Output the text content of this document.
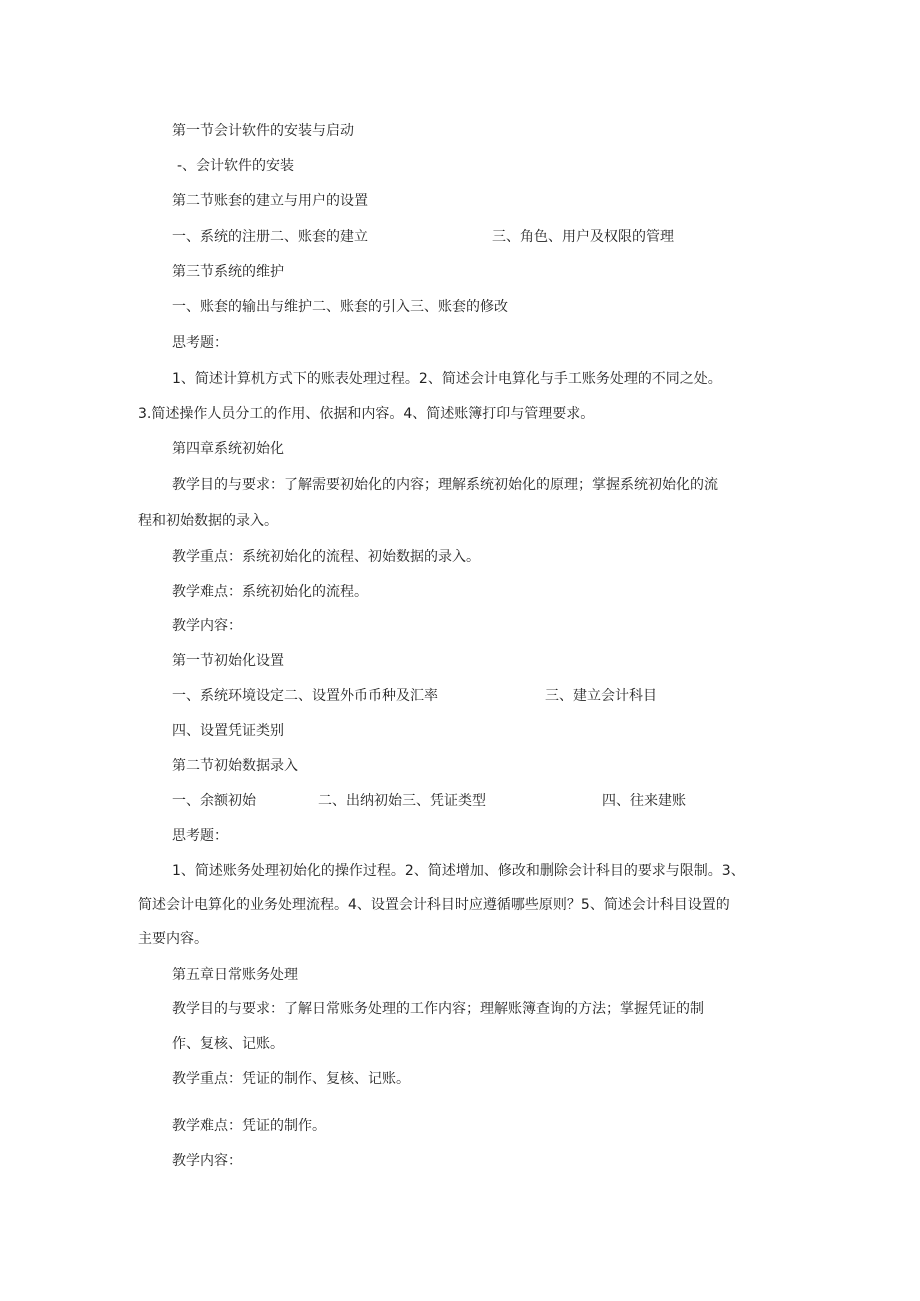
第一节会计软件的安装与启动
-、会计软件的安装
第二节账套的建立与用户的设置
一、系统的注册二、账套的建立	三、角色、用户及权限的管理
第三节系统的维护
一、账套的输出与维护二、账套的引入三、账套的修改
思考题：
1、简述计算机方式下的账表处理过程。2、简述会计电算化与手工账务处理的不同之处。
3.简述操作人员分工的作用、依据和内容。4、简述账簿打印与管理要求。
第四章系统初始化
教学目的与要求：了解需要初始化的内容；理解系统初始化的原理；掌握系统初始化的流
程和初始数据的录入。
教学重点：系统初始化的流程、初始数据的录入。
教学难点：系统初始化的流程。
教学内容：
第一节初始化设置
一、系统环境设定二、设置外币币种及汇率	三、建立会计科目
四、设置凭证类别
第二节初始数据录入
一、余额初始	二、出纳初始三、凭证类型	四、往来建账
思考题：
1、简述账务处理初始化的操作过程。2、简述增加、修改和删除会计科目的要求与限制。3、
简述会计电算化的业务处理流程。4、设置会计科目时应遵循哪些原则？5、简述会计科目设置的
主要内容。
第五章日常账务处理
教学目的与要求：了解日常账务处理的工作内容；理解账簿查询的方法；掌握凭证的制
作、复核、记账。
教学重点：凭证的制作、复核、记账。
教学难点：凭证的制作。
教学内容：
